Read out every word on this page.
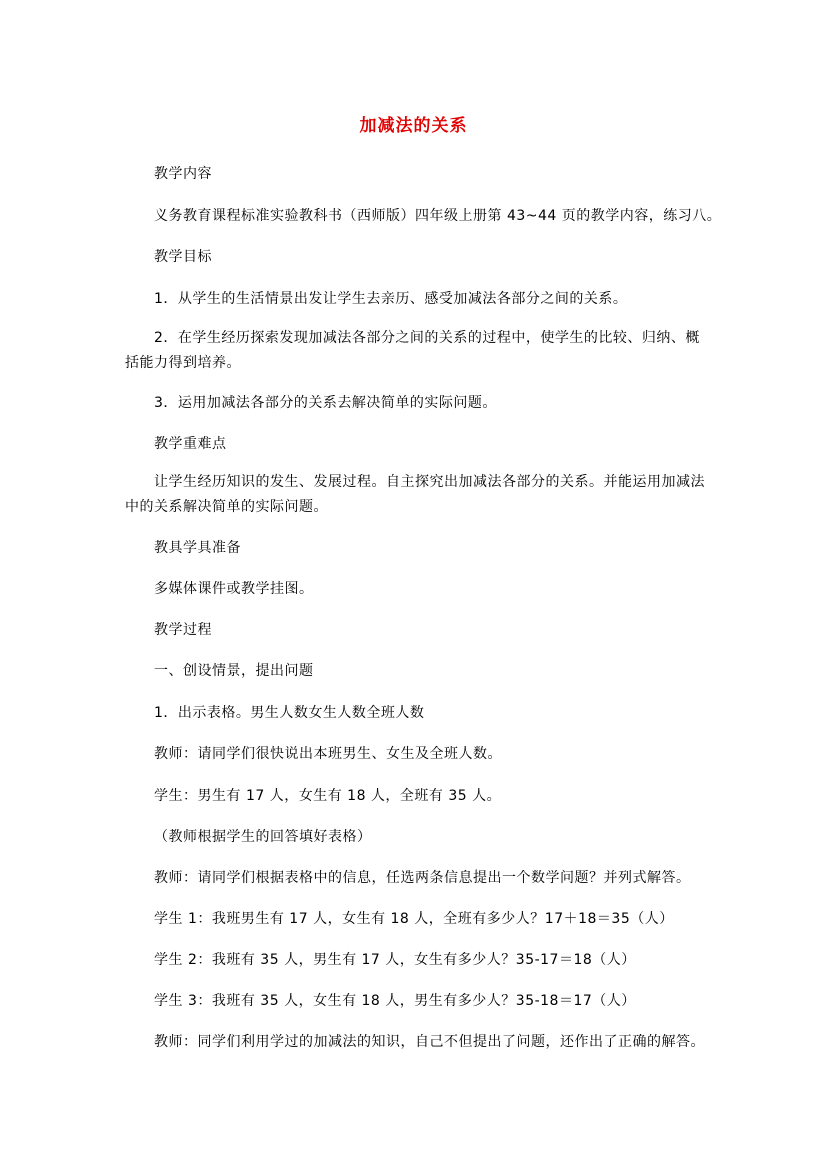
加减法的关系
教学内容
义务教育课程标准实验教科书（西师版）四年级上册第 43~44 页的教学内容，练习八。
教学目标
1．从学生的生活情景出发让学生去亲历、感受加减法各部分之间的关系。
2．在学生经历探索发现加减法各部分之间的关系的过程中，使学生的比较、归纳、概括能力得到培养。
3．运用加减法各部分的关系去解决简单的实际问题。
教学重难点
让学生经历知识的发生、发展过程。自主探究出加减法各部分的关系。并能运用加减法中的关系解决简单的实际问题。
教具学具准备
多媒体课件或教学挂图。
教学过程
一、创设情景，提出问题
1．出示表格。男生人数女生人数全班人数
教师：请同学们很快说出本班男生、女生及全班人数。
学生：男生有 17 人，女生有 18 人，全班有 35 人。
（教师根据学生的回答填好表格）
教师：请同学们根据表格中的信息，任选两条信息提出一个数学问题？并列式解答。
学生 1：我班男生有 17 人，女生有 18 人，全班有多少人？17＋18＝35（人）
学生 2：我班有 35 人，男生有 17 人，女生有多少人？35-17＝18（人）
学生 3：我班有 35 人，女生有 18 人，男生有多少人？35-18＝17（人）
教师：同学们利用学过的加减法的知识，自己不但提出了问题，还作出了正确的解答。
